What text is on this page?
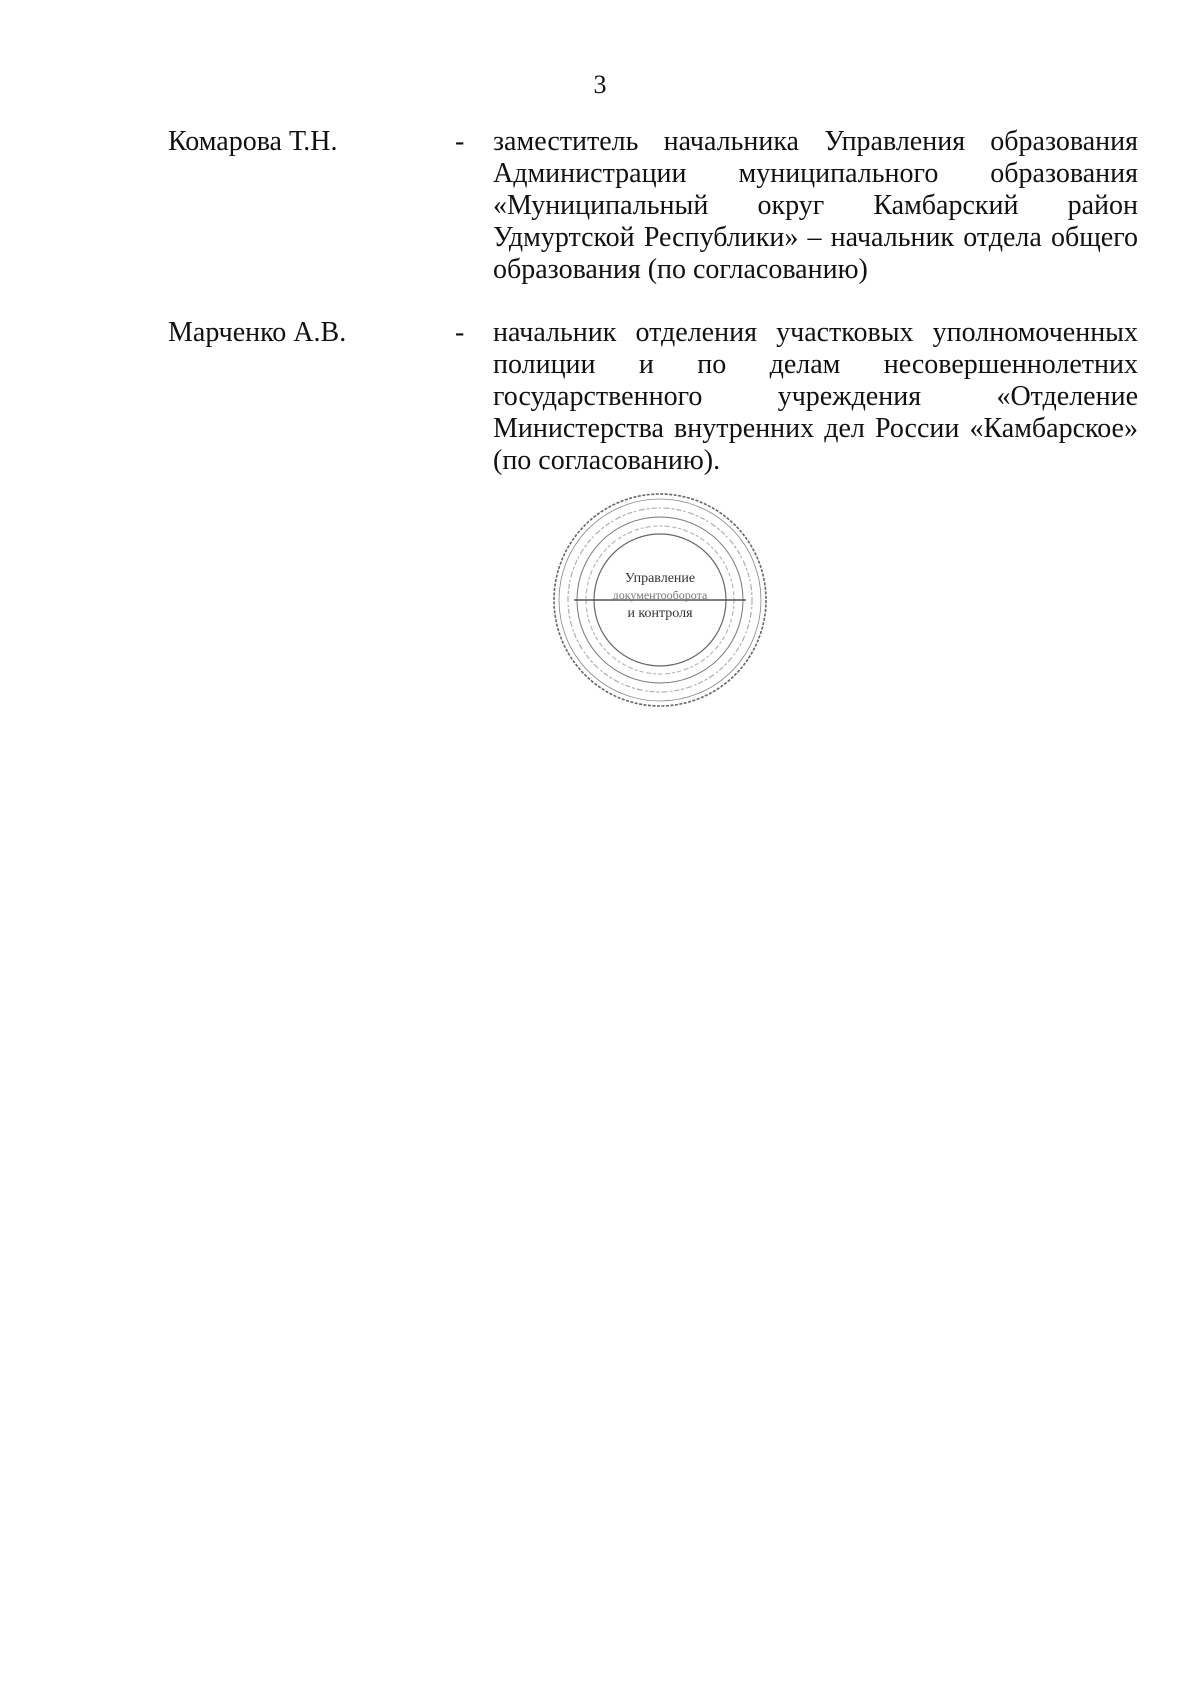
3
Комарова Т.Н.	-	заместитель начальника Управления образования Администрации муниципального образования «Муниципальный округ Камбарский район Удмуртской Республики» – начальник отдела общего образования (по согласованию)
Марченко А.В.	-	начальник отделения участковых уполномоченных полиции и по делам несовершеннолетних государственного учреждения «Отделение Министерства внутренних дел России «Камбарское» (по согласованию).
Управление
документооборота
и контроля
